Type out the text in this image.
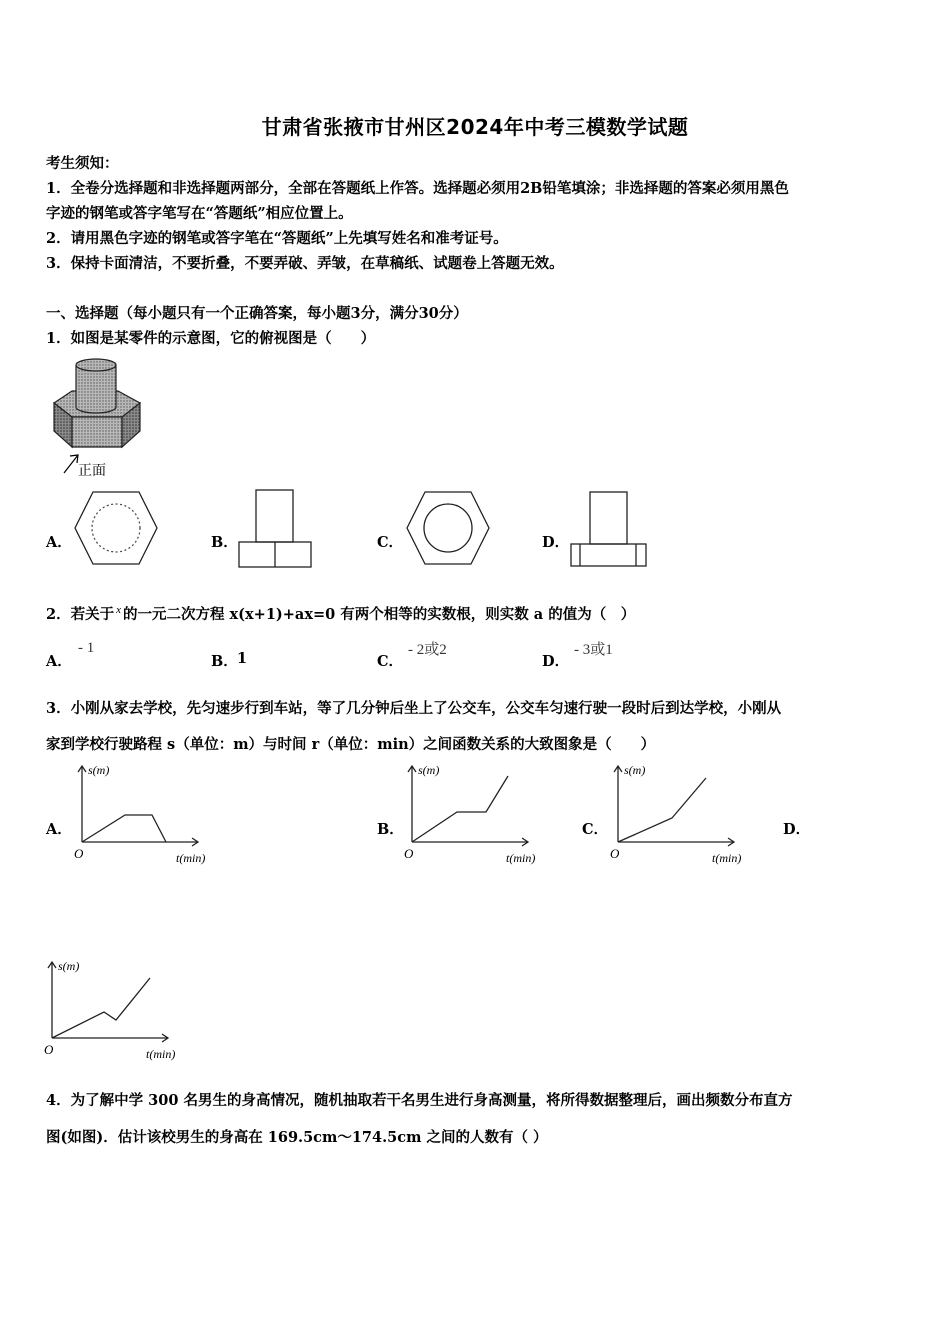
甘肃省张掖市甘州区2024年中考三模数学试题
考生须知：
1．全卷分选择题和非选择题两部分，全部在答题纸上作答。选择题必须用2B铅笔填涂；非选择题的答案必须用黑色
字迹的钢笔或答字笔写在“答题纸”相应位置上。
2．请用黑色字迹的钢笔或答字笔在“答题纸”上先填写姓名和准考证号。
3．保持卡面清洁，不要折叠，不要弄破、弄皱，在草稿纸、试题卷上答题无效。
一、选择题（每小题只有一个正确答案，每小题3分，满分30分）
1．如图是某零件的示意图，它的俯视图是（　　）
正面
A．	B．	C．	D．
2．若关于 $^x$ 的一元二次方程 x(x+1)+ax=0 有两个相等的实数根，则实数 a 的值为（　）
A．
- 1
B． 1	C．
- 2或2
D．
- 3或1
3．小刚从家去学校，先匀速步行到车站，等了几分钟后坐上了公交车，公交车匀速行驶一段时后到达学校，小刚从
家到学校行驶路程 s（单位：m）与时间 r（单位：min）之间函数关系的大致图象是（　　）
A．	B．	C．	D．
s(m)
O	t(min)
s(m)
O	t(min)
s(m)
O	t(min)
s(m)
O	t(min)
4．为了解中学 300 名男生的身高情况，随机抽取若干名男生进行身高测量，将所得数据整理后，画出频数分布直方
图(如图)．估计该校男生的身高在 169.5cm～174.5cm 之间的人数有（ ）
